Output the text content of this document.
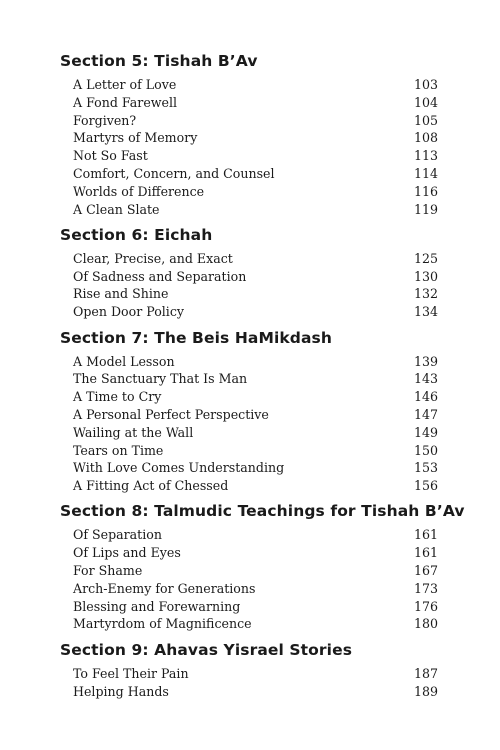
Section 5: Tishah B’Av
A Letter of Love	103
A Fond Farewell	104
Forgiven?	105
Martyrs of Memory	108
Not So Fast	113
Comfort, Concern, and Counsel	114
Worlds of Difference	116
A Clean Slate	119
Section 6: Eichah
Clear, Precise, and Exact	125
Of Sadness and Separation	130
Rise and Shine	132
Open Door Policy	134
Section 7: The Beis HaMikdash
A Model Lesson	139
The Sanctuary That Is Man	143
A Time to Cry	146
A Personal Perfect Perspective	147
Wailing at the Wall	149
Tears on Time	150
With Love Comes Understanding	153
A Fitting Act of Chessed	156
Section 8: Talmudic Teachings for Tishah B’Av
Of Separation	161
Of Lips and Eyes	161
For Shame	167
Arch-Enemy for Generations	173
Blessing and Forewarning	176
Martyrdom of Magnificence	180
Section 9: Ahavas Yisrael Stories
To Feel Their Pain	187
Helping Hands	189
